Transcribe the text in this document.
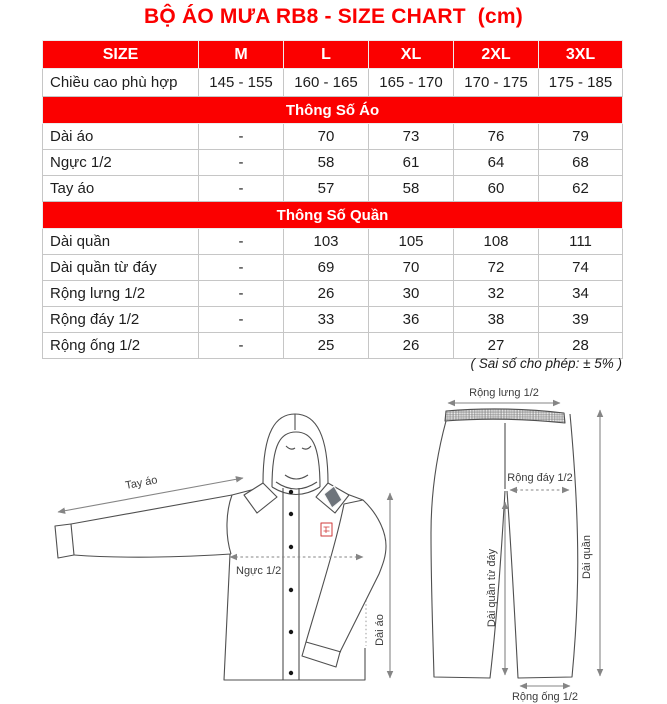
BỘ ÁO MƯA RB8 - SIZE CHART  (cm)
SIZE	M	L	XL	2XL	3XL
Chiều cao phù hợp	145 - 155	160 - 165	165 - 170	170 - 175	175 - 185
Thông Số Áo					
Dài áo	-	70	73	76	79
Ngực 1/2	-	58	61	64	68
Tay áo	-	57	58	60	62
Thông Số Quần					
Dài quần	-	103	105	108	111
Dài quần từ đáy	-	69	70	72	74
Rộng lưng 1/2	-	26	30	32	34
Rộng đáy 1/2	-	33	36	38	39
Rộng ống 1/2	-	25	26	27	28
( Sai số cho phép: ± 5% )
Tay áo
Ngực 1/2
Dài áo
Rộng lưng 1/2
Rộng đáy 1/2
Dài quần từ đáy	Dài quần
Rộng ống 1/2
